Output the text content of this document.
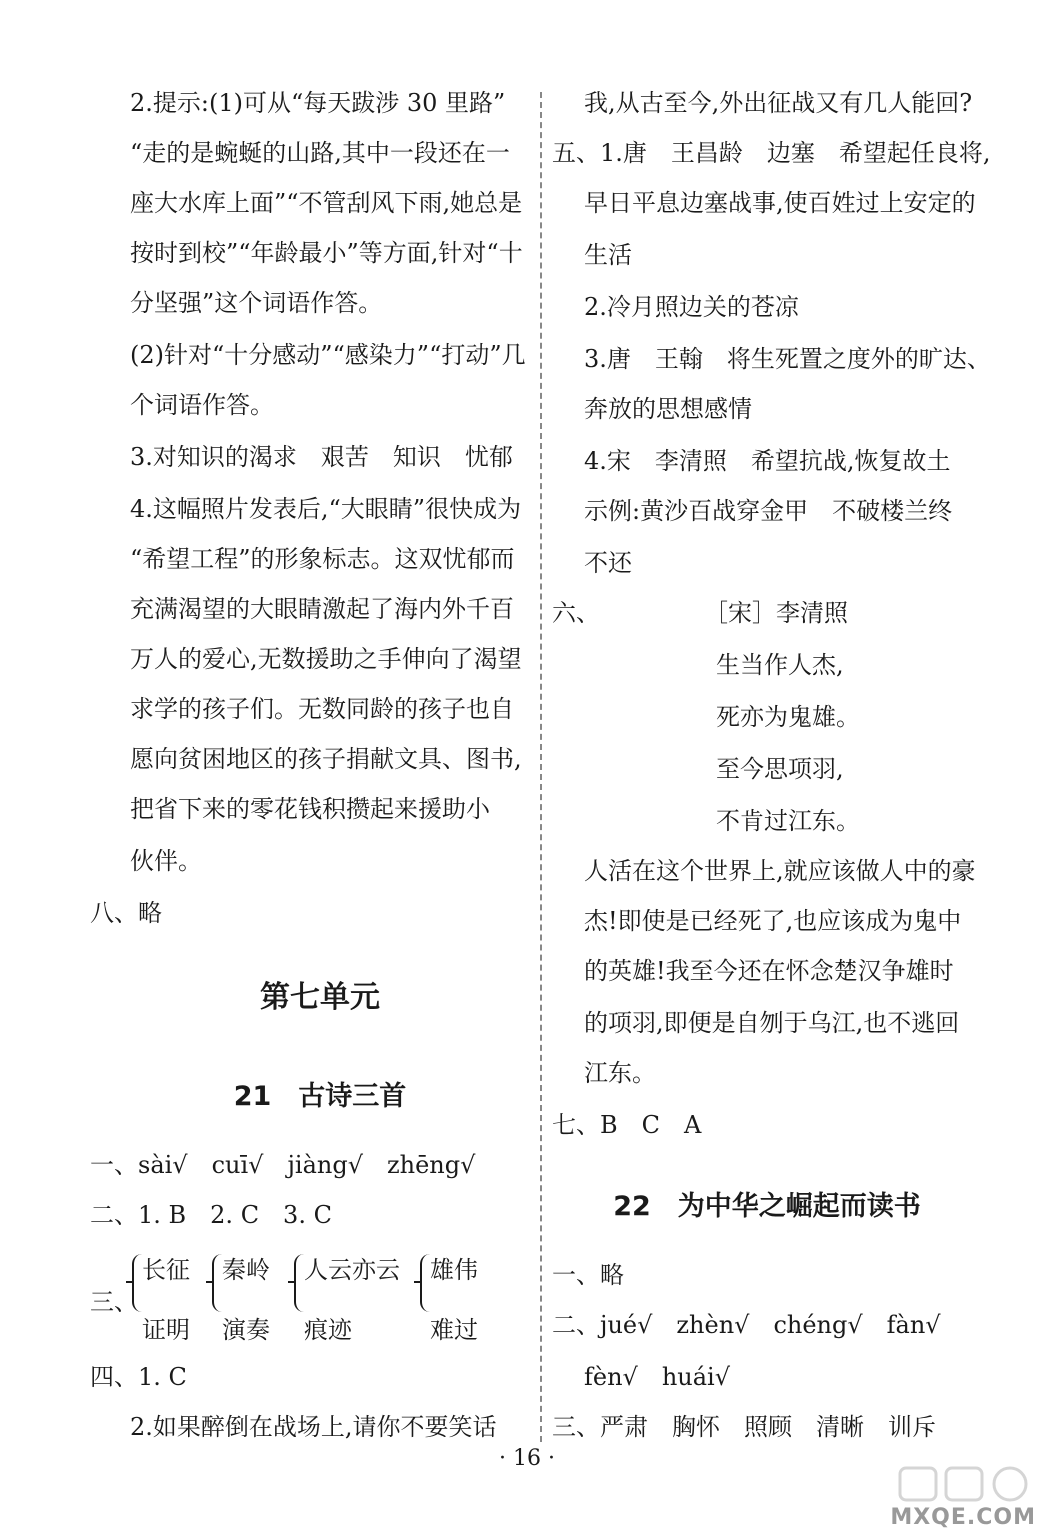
2.提示:(1)可从“每天跋涉 30 里路”
“走的是蜿蜒的山路,其中一段还在一
座大水库上面”“不管刮风下雨,她总是
按时到校”“年龄最小”等方面,针对“十
分坚强”这个词语作答。
(2)针对“十分感动”“感染力”“打动”几
个词语作答。
3.对知识的渴求　艰苦　知识　忧郁
4.这幅照片发表后,“大眼睛”很快成为
“希望工程”的形象标志。这双忧郁而
充满渴望的大眼睛激起了海内外千百
万人的爱心,无数援助之手伸向了渴望
求学的孩子们。无数同龄的孩子也自
愿向贫困地区的孩子捐献文具、图书,
把省下来的零花钱积攒起来援助小
伙伴。
八、略
第七单元
21　古诗三首
一、sài√　cuī√　jiàng√　zhēng√
二、1. B　2. C　3. C
三、
长征
证明
秦岭
演奏
人云亦云
痕迹
雄伟
难过
四、1. C
2.如果醉倒在战场上,请你不要笑话
我,从古至今,外出征战又有几人能回?
五、1.唐　王昌龄　边塞　希望起任良将,
早日平息边塞战事,使百姓过上安定的
生活
2.冷月照边关的苍凉
3.唐　王翰　将生死置之度外的旷达、
奔放的思想感情
4.宋　李清照　希望抗战,恢复故土
示例:黄沙百战穿金甲　不破楼兰终
不还
六、	［宋］李清照
生当作人杰,
死亦为鬼雄。
至今思项羽,
不肯过江东。
人活在这个世界上,就应该做人中的豪
杰!即使是已经死了,也应该成为鬼中
的英雄!我至今还在怀念楚汉争雄时
的项羽,即便是自刎于乌江,也不逃回
江东。
七、B　C　A
22　为中华之崛起而读书
一、略
二、jué√　zhèn√　chéng√　fàn√
fèn√　huái√
三、严肃　胸怀　照顾　清晰　训斥
· 16 ·
MXQE.COM
